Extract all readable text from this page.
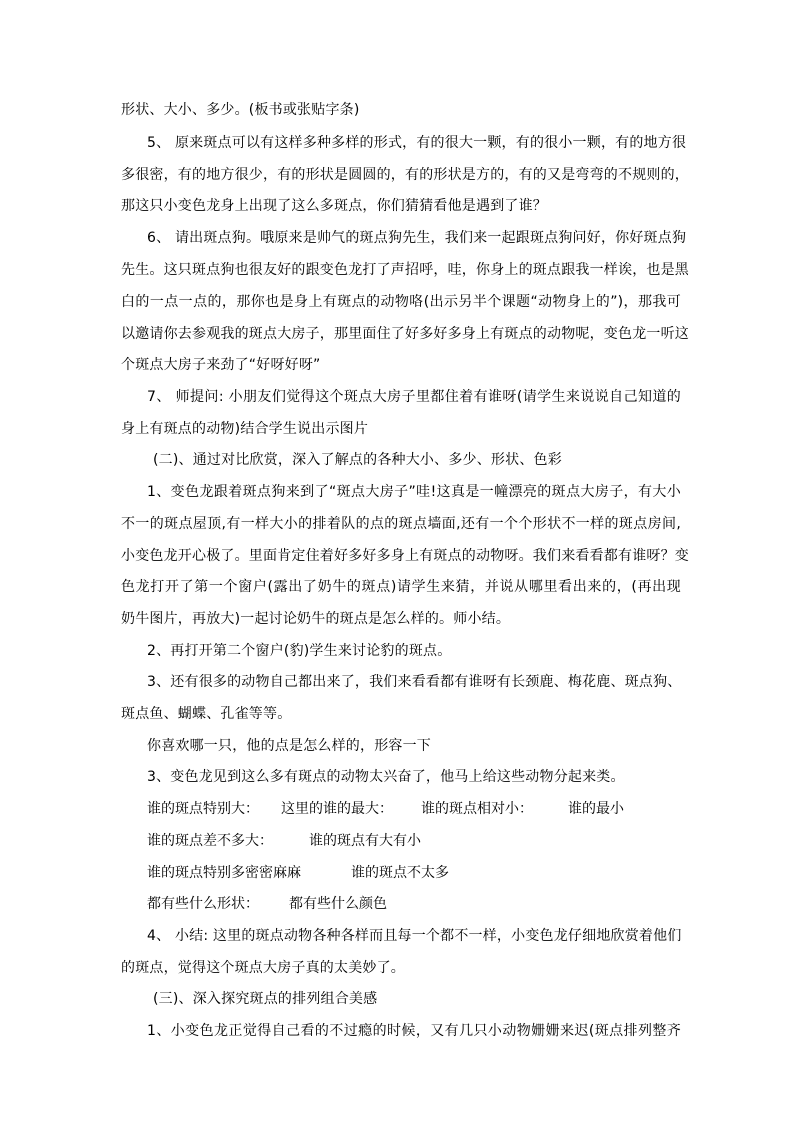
形状、大小、多少。(板书或张贴字条)
5、 原来斑点可以有这样多种多样的形式，有的很大一颗，有的很小一颗，有的地方很
多很密，有的地方很少，有的形状是圆圆的，有的形状是方的，有的又是弯弯的不规则的，
那这只小变色龙身上出现了这么多斑点，你们猜猜看他是遇到了谁？
6、 请出斑点狗。哦原来是帅气的斑点狗先生，我们来一起跟斑点狗问好，你好斑点狗
先生。这只斑点狗也很友好的跟变色龙打了声招呼，哇，你身上的斑点跟我一样诶，也是黑
白的一点一点的，那你也是身上有斑点的动物咯(出示另半个课题“动物身上的”)，那我可
以邀请你去参观我的斑点大房子，那里面住了好多好多身上有斑点的动物呢，变色龙一听这
个斑点大房子来劲了“好呀好呀”
7、 师提问: 小朋友们觉得这个斑点大房子里都住着有谁呀(请学生来说说自己知道的
身上有斑点的动物)结合学生说出示图片
(二)、通过对比欣赏，深入了解点的各种大小、多少、形状、色彩
1、变色龙跟着斑点狗来到了“斑点大房子”哇!这真是一幢漂亮的斑点大房子，有大小
不一的斑点屋顶,有一样大小的排着队的点的斑点墙面,还有一个个形状不一样的斑点房间,
小变色龙开心极了。里面肯定住着好多好多身上有斑点的动物呀。我们来看看都有谁呀？变
色龙打开了第一个窗户(露出了奶牛的斑点)请学生来猜，并说从哪里看出来的，(再出现
奶牛图片，再放大)一起讨论奶牛的斑点是怎么样的。师小结。
2、再打开第二个窗户(豹)学生来讨论豹的斑点。
3、还有很多的动物自己都出来了，我们来看看都有谁呀有长颈鹿、梅花鹿、斑点狗、
斑点鱼、蝴蝶、孔雀等等。
你喜欢哪一只，他的点是怎么样的，形容一下
3、变色龙见到这么多有斑点的动物太兴奋了，他马上给这些动物分起来类。
谁的斑点特别大： 这里的谁的最大： 谁的斑点相对小：	谁的最小
谁的斑点差不多大：	谁的斑点有大有小
谁的斑点特别多密密麻麻	谁的斑点不太多
都有些什么形状： 都有些什么颜色
4、 小结: 这里的斑点动物各种各样而且每一个都不一样，小变色龙仔细地欣赏着他们
的斑点，觉得这个斑点大房子真的太美妙了。
(三)、深入探究斑点的排列组合美感
1、小变色龙正觉得自己看的不过瘾的时候，又有几只小动物姗姗来迟(斑点排列整齐
